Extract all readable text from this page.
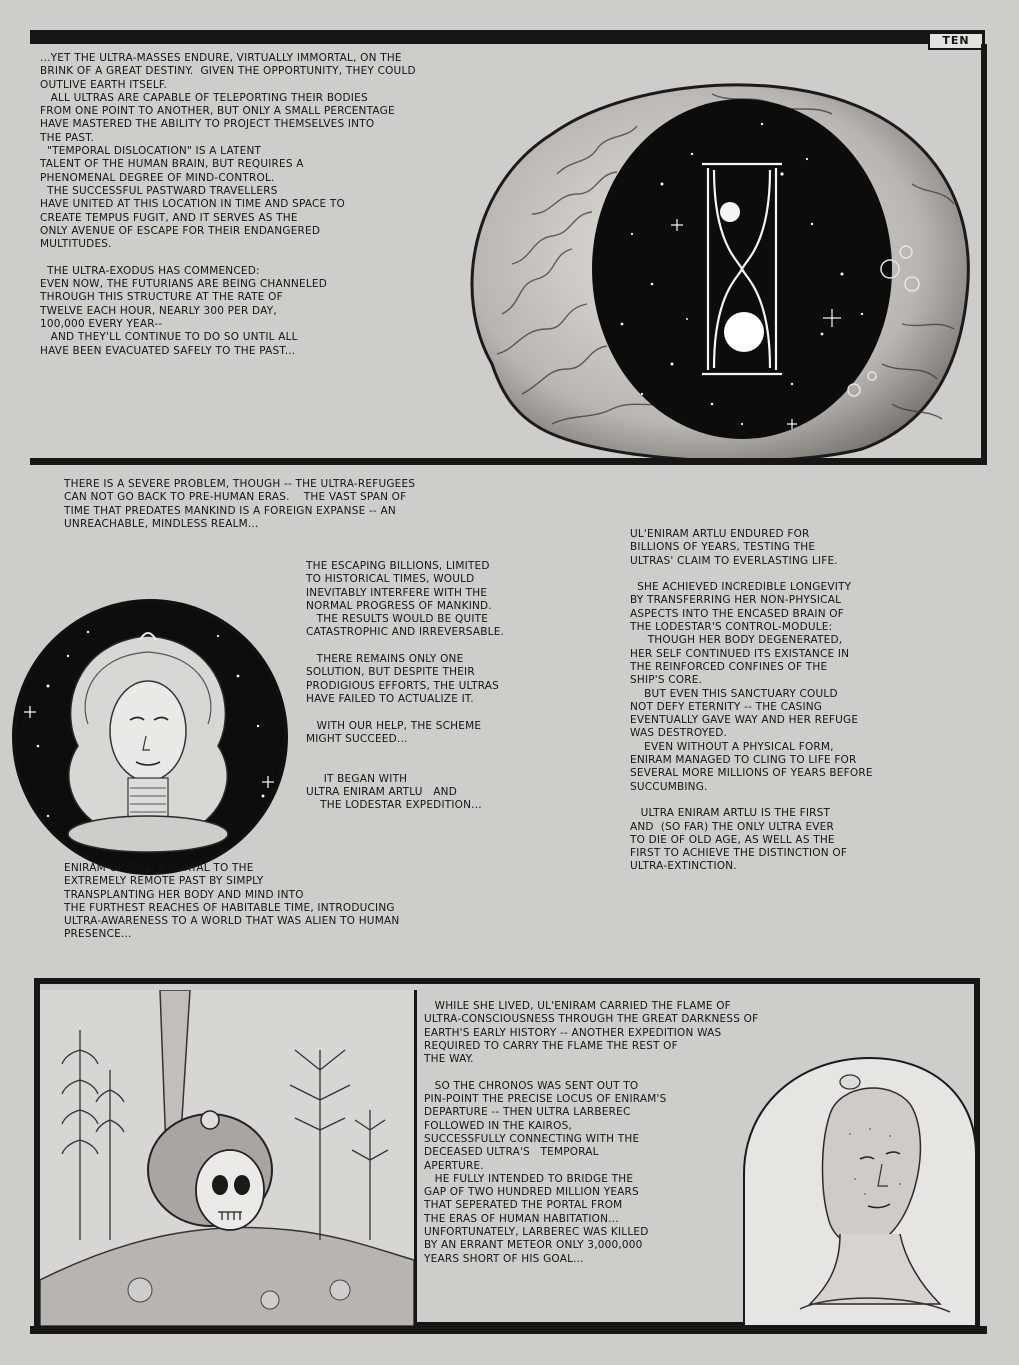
TEN

...YET THE ULTRA-MASSES ENDURE, VIRTUALLY IMMORTAL, ON THE

BRINK OF A GREAT DESTINY.  GIVEN THE OPPORTUNITY, THEY COULD

OUTLIVE EARTH ITSELF.

ALL ULTRAS ARE CAPABLE OF TELEPORTING THEIR BODIES

FROM ONE POINT TO ANOTHER, BUT ONLY A SMALL PERCENTAGE

HAVE MASTERED THE ABILITY TO PROJECT THEMSELVES INTO

THE PAST.

"TEMPORAL DISLOCATION" IS A LATENT

TALENT OF THE HUMAN BRAIN, BUT REQUIRES A

PHENOMENAL DEGREE OF MIND-CONTROL.

THE SUCCESSFUL PASTWARD TRAVELLERS

HAVE UNITED AT THIS LOCATION IN TIME AND SPACE TO

CREATE TEMPUS FUGIT, AND IT SERVES AS THE

ONLY AVENUE OF ESCAPE FOR THEIR ENDANGERED

MULTITUDES.

THE ULTRA-EXODUS HAS COMMENCED:

EVEN NOW, THE FUTURIANS ARE BEING CHANNELED

THROUGH THIS STRUCTURE AT THE RATE OF

TWELVE EACH HOUR, NEARLY 300 PER DAY,

100,000 EVERY YEAR--

AND THEY'LL CONTINUE TO DO SO UNTIL ALL

HAVE BEEN EVACUATED SAFELY TO THE PAST...

THERE IS A SEVERE PROBLEM, THOUGH -- THE ULTRA-REFUGEES

CAN NOT GO BACK TO PRE-HUMAN ERAS.    THE VAST SPAN OF

TIME THAT PREDATES MANKIND IS A FOREIGN EXPANSE -- AN

UNREACHABLE, MINDLESS REALM...

THE ESCAPING BILLIONS, LIMITED

TO HISTORICAL TIMES, WOULD

INEVITABLY INTERFERE WITH THE

NORMAL PROGRESS OF MANKIND.

THE RESULTS WOULD BE QUITE

CATASTROPHIC AND IRREVERSABLE.

THERE REMAINS ONLY ONE

SOLUTION, BUT DESPITE THEIR

PRODIGIOUS EFFORTS, THE ULTRAS

HAVE FAILED TO ACTUALIZE IT.

WITH OUR HELP, THE SCHEME

MIGHT SUCCEED...

IT BEGAN WITH

ULTRA ENIRAM ARTLU   AND

THE LODESTAR EXPEDITION...

ENIRAM OPENED A PORTAL TO THE

EXTREMELY REMOTE PAST BY SIMPLY

TRANSPLANTING HER BODY AND MIND INTO

THE FURTHEST REACHES OF HABITABLE TIME, INTRODUCING

ULTRA-AWARENESS TO A WORLD THAT WAS ALIEN TO HUMAN

PRESENCE...

UL'ENIRAM ARTLU ENDURED FOR

BILLIONS OF YEARS, TESTING THE

ULTRAS' CLAIM TO EVERLASTING LIFE.

SHE ACHIEVED INCREDIBLE LONGEVITY

BY TRANSFERRING HER NON-PHYSICAL

ASPECTS INTO THE ENCASED BRAIN OF

THE LODESTAR'S CONTROL-MODULE:

THOUGH HER BODY DEGENERATED,

HER SELF CONTINUED ITS EXISTANCE IN

THE REINFORCED CONFINES OF THE

SHIP'S CORE.

BUT EVEN THIS SANCTUARY COULD

NOT DEFY ETERNITY -- THE CASING

EVENTUALLY GAVE WAY AND HER REFUGE

WAS DESTROYED.

EVEN WITHOUT A PHYSICAL FORM,

ENIRAM MANAGED TO CLING TO LIFE FOR

SEVERAL MORE MILLIONS OF YEARS BEFORE

SUCCUMBING.

ULTRA ENIRAM ARTLU IS THE FIRST

AND  (SO FAR) THE ONLY ULTRA EVER

TO DIE OF OLD AGE, AS WELL AS THE

FIRST TO ACHIEVE THE DISTINCTION OF

ULTRA-EXTINCTION.

WHILE SHE LIVED, UL'ENIRAM CARRIED THE FLAME OF

ULTRA-CONSCIOUSNESS THROUGH THE GREAT DARKNESS OF

EARTH'S EARLY HISTORY -- ANOTHER EXPEDITION WAS

REQUIRED TO CARRY THE FLAME THE REST OF

THE WAY.

SO THE CHRONOS WAS SENT OUT TO

PIN-POINT THE PRECISE LOCUS OF ENIRAM'S

DEPARTURE -- THEN ULTRA LARBEREC

FOLLOWED IN THE KAIROS,

SUCCESSFULLY CONNECTING WITH THE

DECEASED ULTRA'S   TEMPORAL

APERTURE.

HE FULLY INTENDED TO BRIDGE THE

GAP OF TWO HUNDRED MILLION YEARS

THAT SEPERATED THE PORTAL FROM

THE ERAS OF HUMAN HABITATION...

UNFORTUNATELY, LARBEREC WAS KILLED

BY AN ERRANT METEOR ONLY 3,000,000

YEARS SHORT OF HIS GOAL...
